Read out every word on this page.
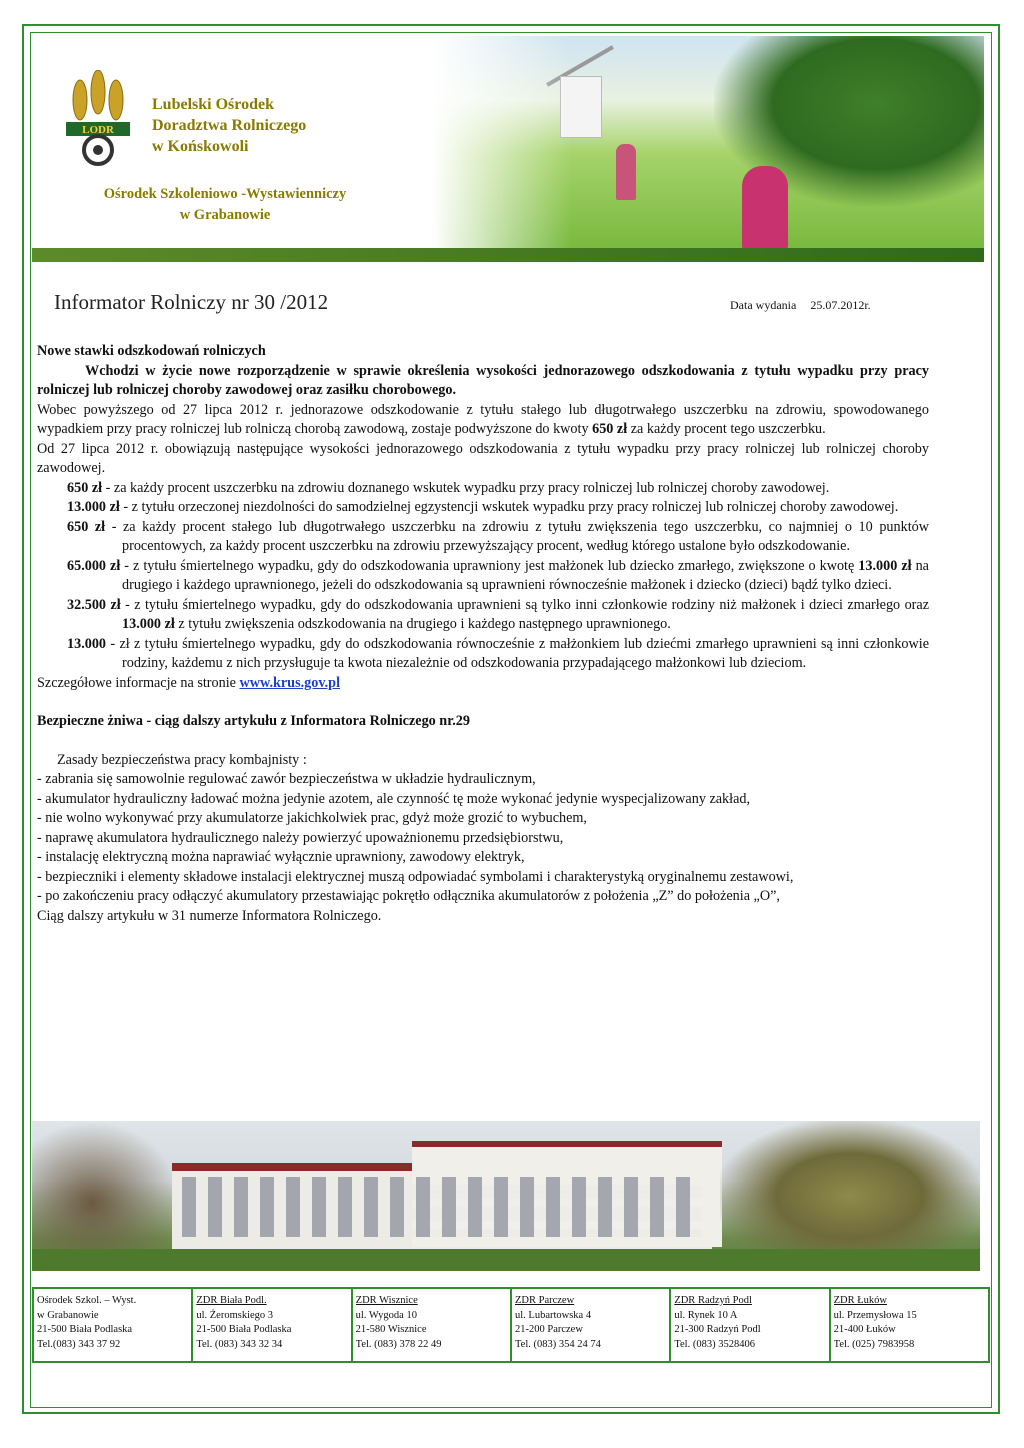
LODR
Lubelski Ośrodek
Doradztwa Rolniczego
w Końskowoli
Ośrodek Szkoleniowo -Wystawienniczy
w Grabanowie
Informator Rolniczy nr 30 /2012	Data wydania 25.07.2012r.

Nowe stawki odszkodowań rolniczych

Wchodzi w życie nowe rozporządzenie w sprawie określenia wysokości jednorazowego odszkodowania z tytułu wypadku przy pracy rolniczej lub rolniczej choroby zawodowej oraz zasiłku chorobowego.

Wobec powyższego od 27 lipca 2012 r. jednorazowe odszkodowanie z tytułu stałego lub długotrwałego uszczerbku na zdrowiu, spowodowanego wypadkiem przy pracy rolniczej lub rolniczą chorobą zawodową, zostaje podwyższone do kwoty 650 zł za każdy procent tego uszczerbku.

Od 27 lipca 2012 r. obowiązują następujące wysokości jednorazowego odszkodowania z tytułu wypadku przy pracy rolniczej lub rolniczej choroby zawodowej.

650 zł - za każdy procent uszczerbku na zdrowiu doznanego wskutek wypadku przy pracy rolniczej lub rolniczej choroby zawodowej.

13.000 zł - z tytułu orzeczonej niezdolności do samodzielnej egzystencji wskutek wypadku przy pracy rolniczej lub rolniczej choroby zawodowej.

650 zł - za każdy procent stałego lub długotrwałego uszczerbku na zdrowiu z tytułu zwiększenia tego uszczerbku, co najmniej o 10 punktów procentowych, za każdy procent uszczerbku na zdrowiu przewyższający procent, według którego ustalone było odszkodowanie.

65.000 zł - z tytułu śmiertelnego wypadku, gdy do odszkodowania uprawniony jest małżonek lub dziecko zmarłego, zwiększone o kwotę 13.000 zł na drugiego i każdego uprawnionego, jeżeli do odszkodowania są uprawnieni równocześnie małżonek i dziecko (dzieci) bądź tylko dzieci.

32.500 zł - z tytułu śmiertelnego wypadku, gdy do odszkodowania uprawnieni są tylko inni członkowie rodziny niż małżonek i dzieci zmarłego oraz 13.000 zł z tytułu zwiększenia odszkodowania na drugiego i każdego następnego uprawnionego.

13.000 - zł z tytułu śmiertelnego wypadku, gdy do odszkodowania równocześnie z małżonkiem lub dziećmi zmarłego uprawnieni są inni członkowie rodziny, każdemu z nich przysługuje ta kwota niezależnie od odszkodowania przypadającego małżonkowi lub dzieciom.

Szczegółowe informacje na stronie www.krus.gov.pl

Bezpieczne żniwa - ciąg dalszy artykułu z Informatora Rolniczego nr.29

Zasady bezpieczeństwa pracy kombajnisty :

- zabrania się samowolnie regulować zawór bezpieczeństwa w układzie hydraulicznym,

- akumulator hydrauliczny ładować można jedynie azotem, ale czynność tę może wykonać jedynie wyspecjalizowany zakład,

- nie wolno wykonywać przy akumulatorze jakichkolwiek prac, gdyż może grozić to wybuchem,

- naprawę akumulatora hydraulicznego należy powierzyć upoważnionemu przedsiębiorstwu,

- instalację elektryczną można naprawiać wyłącznie uprawniony, zawodowy elektryk,

- bezpieczniki i elementy składowe instalacji elektrycznej muszą odpowiadać symbolami i charakterystyką oryginalnemu zestawowi,

- po zakończeniu pracy odłączyć akumulatory przestawiając pokrętło odłącznika akumulatorów z położenia „Z” do położenia „O”,

Ciąg dalszy artykułu w 31 numerze Informatora Rolniczego.

Ośrodek Szkol. – Wyst.
w Grabanowie
21-500 Biała Podlaska
Tel.(083) 343 37 92
ZDR Biała Podl.
ul. Żeromskiego 3
21-500 Biała Podlaska
Tel. (083) 343 32 34
ZDR Wisznice
ul. Wygoda 10
21-580 Wisznice
Tel. (083) 378 22 49
ZDR Parczew
ul. Lubartowska 4
21-200 Parczew
Tel. (083) 354 24 74
ZDR Radzyń Podl
ul. Rynek 10 A
21-300 Radzyń Podl
Tel. (083) 3528406
ZDR Łuków
ul. Przemysłowa 15
21-400 Łuków
Tel. (025) 7983958
